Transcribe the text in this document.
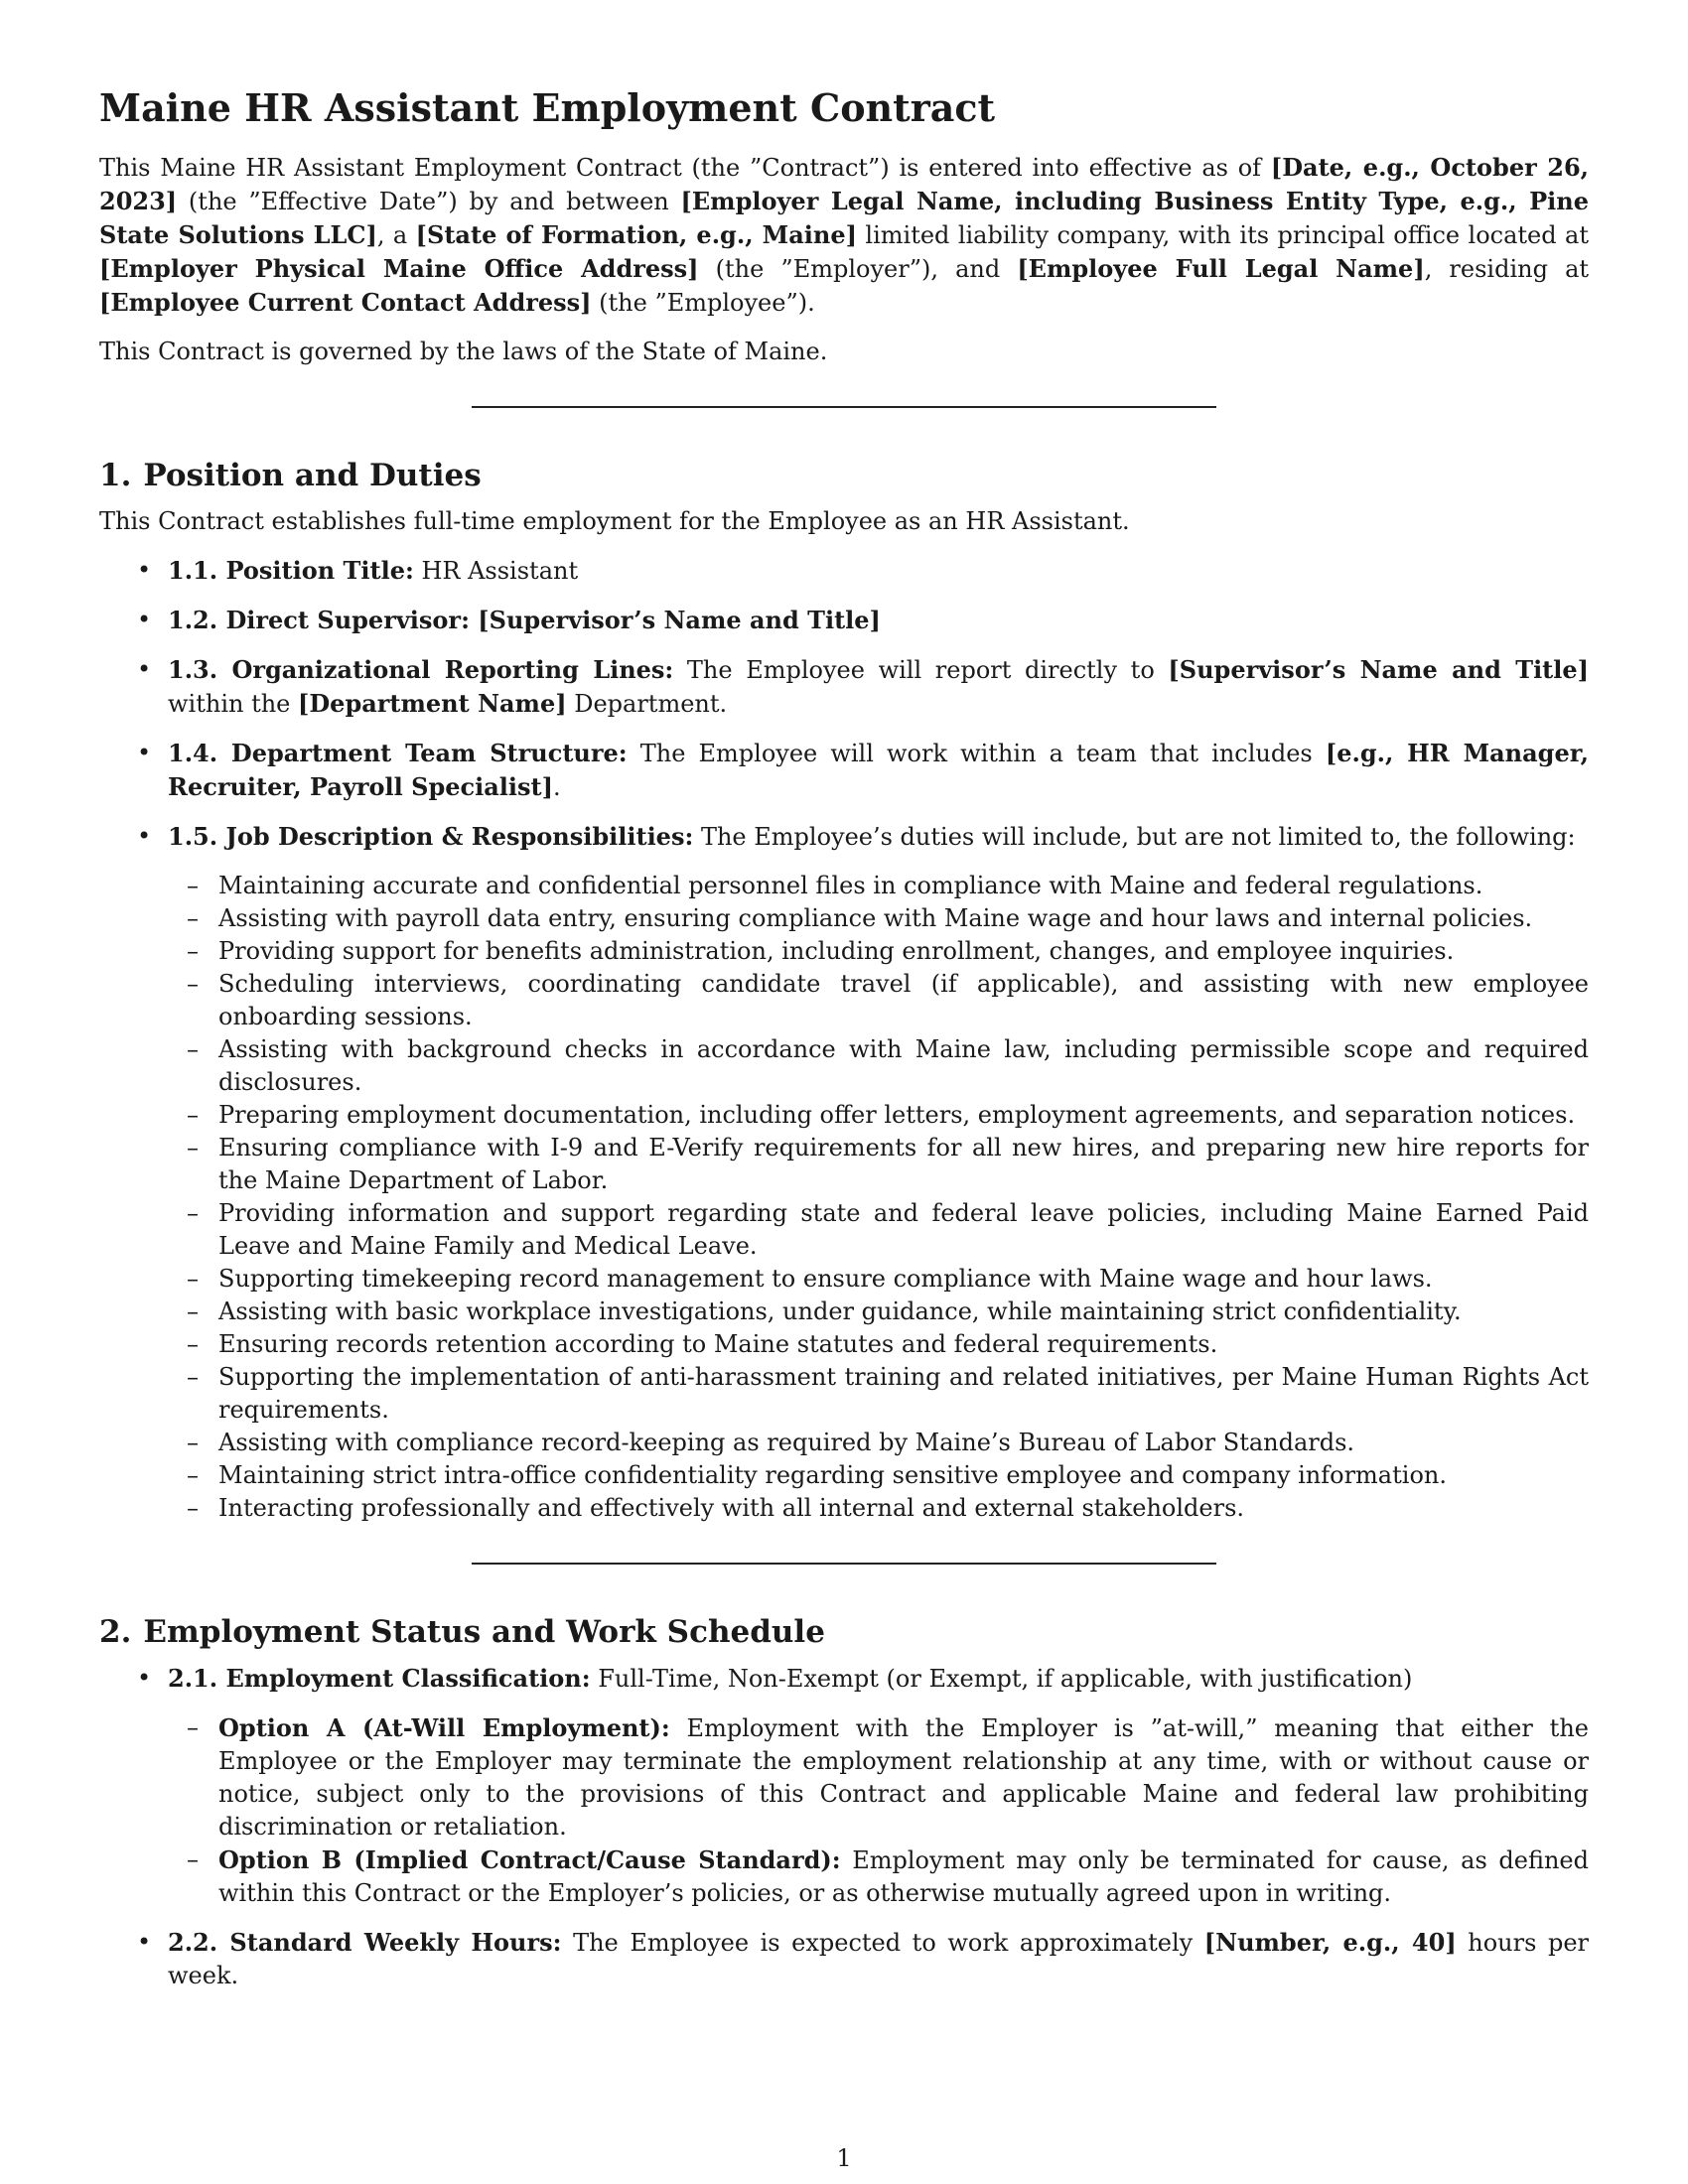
Maine HR Assistant Employment Contract

This Maine HR Assistant Employment Contract (the ”Contract”) is entered into effective as of [Date, e.g., October 26, 2023] (the ”Effective Date”) by and between [Employer Legal Name, including Business Entity Type, e.g., Pine State Solutions LLC], a [State of Formation, e.g., Maine] limited liability company, with its principal office located at [Employer Physical Maine Office Address] (the ”Employer”), and [Employee Full Legal Name], residing at [Employee Current Contact Address] (the ”Employee”).

This Contract is governed by the laws of the State of Maine.

1. Position and Duties

This Contract establishes full-time employment for the Employee as an HR Assistant.

• 1.1. Position Title: HR Assistant
• 1.2. Direct Supervisor: [Supervisor’s Name and Title]
• 1.3. Organizational Reporting Lines: The Employee will report directly to [Supervisor’s Name and Title] within the [Department Name] Department.
• 1.4. Department Team Structure: The Employee will work within a team that includes [e.g., HR Manager, Recruiter, Payroll Specialist].
• 1.5. Job Description & Responsibilities: The Employee’s duties will include, but are not limited to, the following:
– Maintaining accurate and confidential personnel files in compliance with Maine and federal regulations.
– Assisting with payroll data entry, ensuring compliance with Maine wage and hour laws and internal policies.
– Providing support for benefits administration, including enrollment, changes, and employee inquiries.
– Scheduling interviews, coordinating candidate travel (if applicable), and assisting with new employee onboarding sessions.
– Assisting with background checks in accordance with Maine law, including permissible scope and required disclosures.
– Preparing employment documentation, including offer letters, employment agreements, and separation notices.
– Ensuring compliance with I-9 and E-Verify requirements for all new hires, and preparing new hire reports for the Maine Department of Labor.
– Providing information and support regarding state and federal leave policies, including Maine Earned Paid Leave and Maine Family and Medical Leave.
– Supporting timekeeping record management to ensure compliance with Maine wage and hour laws.
– Assisting with basic workplace investigations, under guidance, while maintaining strict confidentiality.
– Ensuring records retention according to Maine statutes and federal requirements.
– Supporting the implementation of anti-harassment training and related initiatives, per Maine Human Rights Act requirements.
– Assisting with compliance record-keeping as required by Maine’s Bureau of Labor Standards.
– Maintaining strict intra-office confidentiality regarding sensitive employee and company information.
– Interacting professionally and effectively with all internal and external stakeholders.
2. Employment Status and Work Schedule
• 2.1. Employment Classification: Full-Time, Non-Exempt (or Exempt, if applicable, with justification)
– Option A (At-Will Employment): Employment with the Employer is ”at-will,” meaning that either the Employee or the Employer may terminate the employment relationship at any time, with or without cause or notice, subject only to the provisions of this Contract and applicable Maine and federal law prohibiting discrimination or retaliation.
– Option B (Implied Contract/Cause Standard): Employment may only be terminated for cause, as defined within this Contract or the Employer’s policies, or as otherwise mutually agreed upon in writing.
• 2.2. Standard Weekly Hours: The Employee is expected to work approximately [Number, e.g., 40] hours per week.
1
